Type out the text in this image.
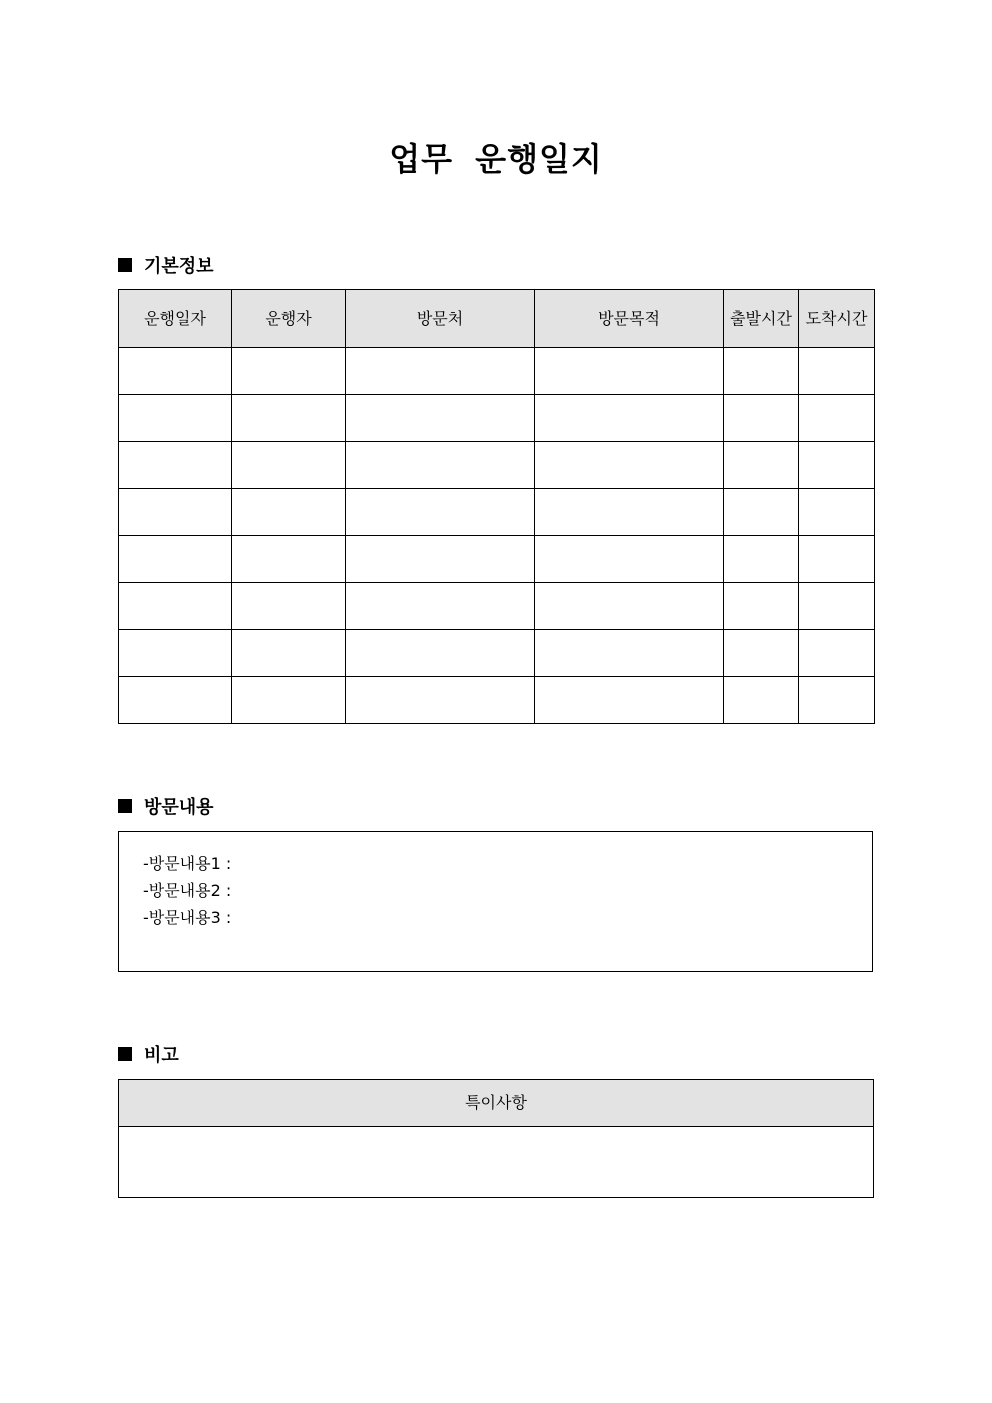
업무 운행일지
기본정보
운행일자	운행자	방문처	방문목적	출발시간	도착시간

방문내용
-방문내용1 :
-방문내용2 :
-방문내용3 :
비고
특이사항
